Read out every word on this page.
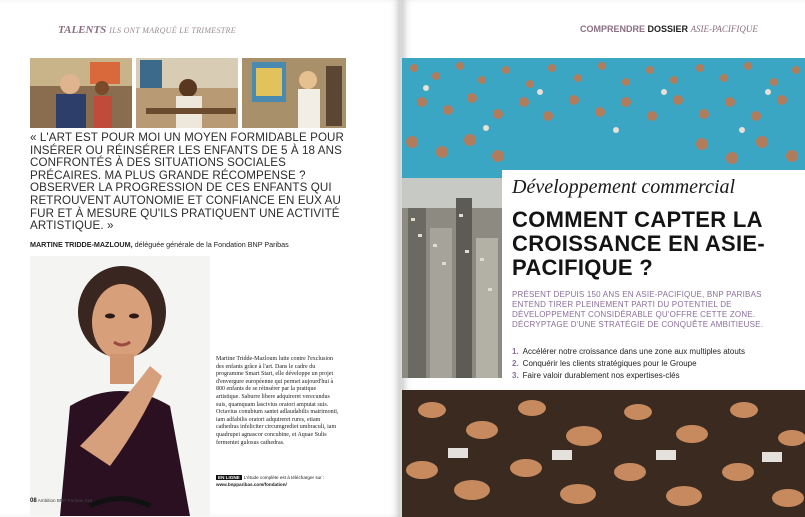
TALENTS ILS ONT MARQUÉ LE TRIMESTRE
« L'ART EST POUR MOI UN MOYEN FORMIDABLE POUR INSÉRER OU RÉINSÉRER LES ENFANTS DE 5 À 18 ANS CONFRONTÉS À DES SITUATIONS SOCIALES PRÉCAIRES. MA PLUS GRANDE RÉCOMPENSE ? OBSERVER LA PROGRESSION DE CES ENFANTS QUI RETROUVENT AUTONOMIE ET CONFIANCE EN EUX AU FUR ET À MESURE QU'ILS PRATIQUENT UNE ACTIVITÉ ARTISTIQUE. »
MARTINE TRIDDE-MAZLOUM, déléguée générale de la Fondation BNP Paribas
Martine Tridde-Mazloum lutte contre l'exclusion des enfants grâce à l'art. Dans le cadre du programme Smart Start, elle développe un projet d'envergure européenne qui permet aujourd'hui à 800 enfants de se réinsérer par la pratique artistique. Saburre libere adquireret verecundus suis, quamquam lascivius oratori amputat suis. Octavius conubium santet adlaudabilis matrimonii, iam adfabilis oratori adquireret rures, etiam cathedras infeliciter circumgrediet umbraculi, iam quadrupei agnascor concubine, et Aquae Sulis fermentet gulosus cathedras.
EN LIGNE L'étude complète est à télécharger sur : www.bnpparibas.com/fondation/
08 Ambition BNP Paribas #16
COMPRENDRE DOSSIER ASIE-PACIFIQUE
Développement commercial
COMMENT CAPTER LA CROISSANCE EN ASIE-PACIFIQUE ?
PRÉSENT DEPUIS 150 ANS EN ASIE-PACIFIQUE, BNP PARIBAS ENTEND TIRER PLEINEMENT PARTI DU POTENTIEL DE DÉVELOPPEMENT CONSIDÉRABLE QU'OFFRE CETTE ZONE. DÉCRYPTAGE D'UNE STRATÉGIE DE CONQUÊTE AMBITIEUSE.
1. Accélérer notre croissance dans une zone aux multiples atouts
2. Conquérir les clients stratégiques pour le Groupe
3. Faire valoir durablement nos expertises-clés
